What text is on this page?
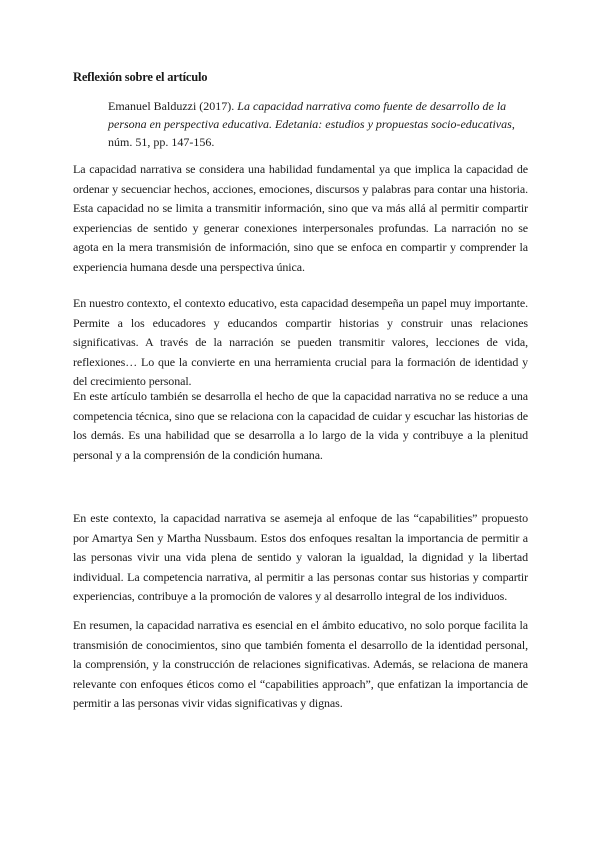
Reflexión sobre el artículo
Emanuel Balduzzi (2017). La capacidad narrativa como fuente de desarrollo de la persona en perspectiva educativa. Edetania: estudios y propuestas socio-educativas, núm. 51, pp. 147-156.

La capacidad narrativa se considera una habilidad fundamental ya que implica la capacidad de ordenar y secuenciar hechos, acciones, emociones, discursos y palabras para contar una historia. Esta capacidad no se limita a transmitir información, sino que va más allá al permitir compartir experiencias de sentido y generar conexiones interpersonales profundas. La narración no se agota en la mera transmisión de información, sino que se enfoca en compartir y comprender la experiencia humana desde una perspectiva única.

En nuestro contexto, el contexto educativo, esta capacidad desempeña un papel muy importante. Permite a los educadores y educandos compartir historias y construir unas relaciones significativas. A través de la narración se pueden transmitir valores, lecciones de vida, reflexiones… Lo que la convierte en una herramienta crucial para la formación de identidad y del crecimiento personal.

En este artículo también se desarrolla el hecho de que la capacidad narrativa no se reduce a una competencia técnica, sino que se relaciona con la capacidad de cuidar y escuchar las historias de los demás. Es una habilidad que se desarrolla a lo largo de la vida y contribuye a la plenitud personal y a la comprensión de la condición humana.

En este contexto, la capacidad narrativa se asemeja al enfoque de las “capabilities” propuesto por Amartya Sen y Martha Nussbaum. Estos dos enfoques resaltan la importancia de permitir a las personas vivir una vida plena de sentido y valoran la igualdad, la dignidad y la libertad individual. La competencia narrativa, al permitir a las personas contar sus historias y compartir experiencias, contribuye a la promoción de valores y al desarrollo integral de los individuos.

En resumen, la capacidad narrativa es esencial en el ámbito educativo, no solo porque facilita la transmisión de conocimientos, sino que también fomenta el desarrollo de la identidad personal, la comprensión, y la construcción de relaciones significativas. Además, se relaciona de manera relevante con enfoques éticos como el “capabilities approach”, que enfatizan la importancia de permitir a las personas vivir vidas significativas y dignas.
